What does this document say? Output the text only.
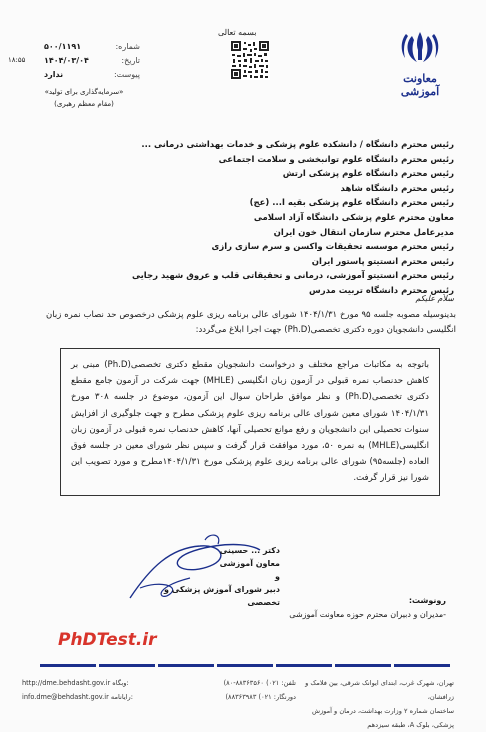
بسمه تعالی
معاونت آموزشی
شماره:
۵۰۰/۱۱۹۱
تاریخ:
۱۴۰۴/۰۳/۰۴
پیوست:
ندارد
۱۸:۵۵
«سرمایه‌گذاری برای تولید»
(مقام معظم رهبری)
رئیس محترم دانشگاه / دانشکده علوم پزشکی و خدمات بهداشتی درمانی ...
رئیس محترم دانشگاه علوم توانبخشی و سلامت اجتماعی
رئیس محترم دانشگاه علوم پزشکی ارتش
رئیس محترم دانشگاه شاهد
رئیس محترم دانشگاه علوم پزشکی بقیه ا... (عج)
معاون محترم علوم پزشکی دانشگاه آزاد اسلامی
مدیرعامل محترم سازمان انتقال خون ایران
رئیس محترم موسسه تحقیقات واکسن و سرم سازی رازی
رئیس محترم انستیتو پاستور ایران
رئیس محترم انستیتو آموزشی، درمانی و تحقیقاتی قلب و عروق شهید رجایی
رئیس محترم دانشگاه تربیت مدرس
سلام علیکم
بدینوسیله مصوبه جلسه ۹۵ مورخ ۱۴۰۴/۱/۳۱ شورای عالی برنامه ریزی علوم پزشکی درخصوص حد نصاب نمره زبان انگلیسی دانشجویان دوره دکتری تخصصی(Ph.D) جهت اجرا ابلاغ می‌گردد:
باتوجه به مکاتبات مراجع مختلف و درخواست دانشجویان مقطع دکتری تخصصی(Ph.D) مبنی بر کاهش حدنصاب نمره قبولی در آزمون زبان انگلیسی (MHLE) جهت شرکت در آزمون جامع مقطع دکتری تخصصی(Ph.D) و نظر موافق طراحان سوال این آزمون، موضوع در جلسه ۳۰۸ مورخ ۱۴۰۴/۱/۳۱ شورای معین شورای عالی برنامه ریزی علوم پزشکی مطرح و جهت جلوگیری از افزایش سنوات تحصیلی این دانشجویان و رفع موانع تحصیلی آنها، کاهش حدنصاب نمره قبولی در آزمون زبان انگلیسی(MHLE) به نمره ۵۰، مورد موافقت قرار گرفت و سپس نظر شورای معین در جلسه فوق العاده (جلسه۹۵) شورای عالی برنامه ریزی علوم پزشکی مورخ ۱۴۰۴/۱/۳۱مطرح و مورد تصویب این شورا نیز قرار گرفت.
دکتر ... حسینی
معاون آموزشی
و
دبیر شورای آموزش پزشکی و تخصصی	رونوشت:
-مدیران و دبیران محترم حوزه معاونت آموزشی
PhDTest.ir
تهران، شهرک غرب، ابتدای ایوانک شرقی، بین فلامک و زرافشان،
ساختمان شماره ۲ وزارت بهداشت، درمان و آموزش پزشکی، بلوک A، طبقه سیزدهم
تلفن: ۰۲۱) ۸۸۳۶۳۵۶۰-۸۰)
دورنگار: ۰۲۱) ۸۸۳۶۳۹۸۳)
http://dme.behdasht.gov.ir وبگاه:
info.dme@behdasht.gov.ir رایانامه:
